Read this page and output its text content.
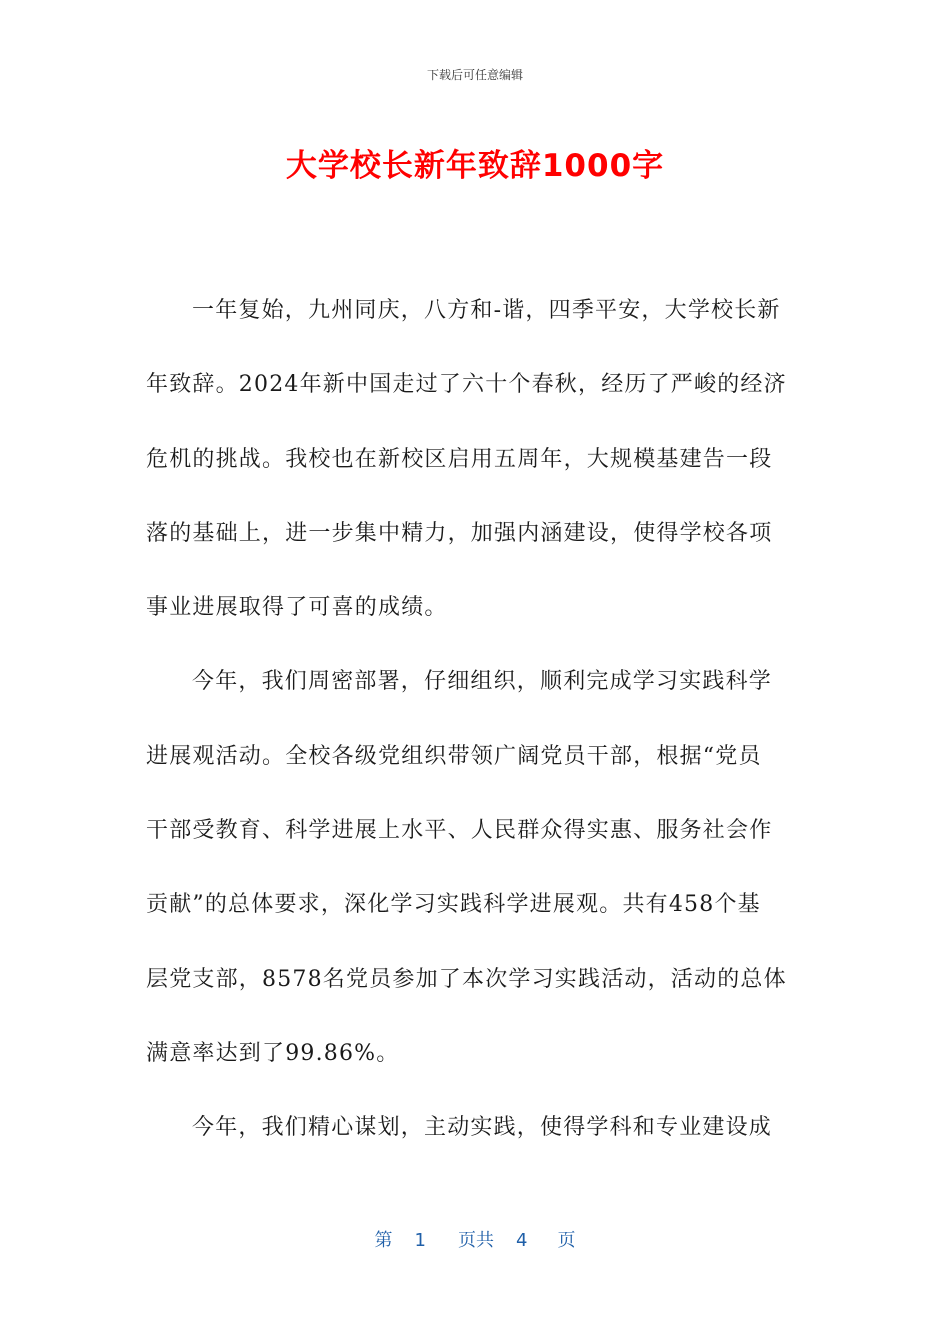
下载后可任意编辑
大学校长新年致辞1000字
一年复始，九州同庆，八方和-谐，四季平安，大学校长新
年致辞。2024年新中国走过了六十个春秋，经历了严峻的经济
危机的挑战。我校也在新校区启用五周年，大规模基建告一段
落的基础上，进一步集中精力，加强内涵建设，使得学校各项
事业进展取得了可喜的成绩。
今年，我们周密部署，仔细组织，顺利完成学习实践科学
进展观活动。全校各级党组织带领广阔党员干部，根据“党员
干部受教育、科学进展上水平、人民群众得实惠、服务社会作
贡献”的总体要求，深化学习实践科学进展观。共有458个基
层党支部，8578名党员参加了本次学习实践活动，活动的总体
满意率达到了99.86%。
今年，我们精心谋划，主动实践，使得学科和专业建设成
第 1 页共 4 页
